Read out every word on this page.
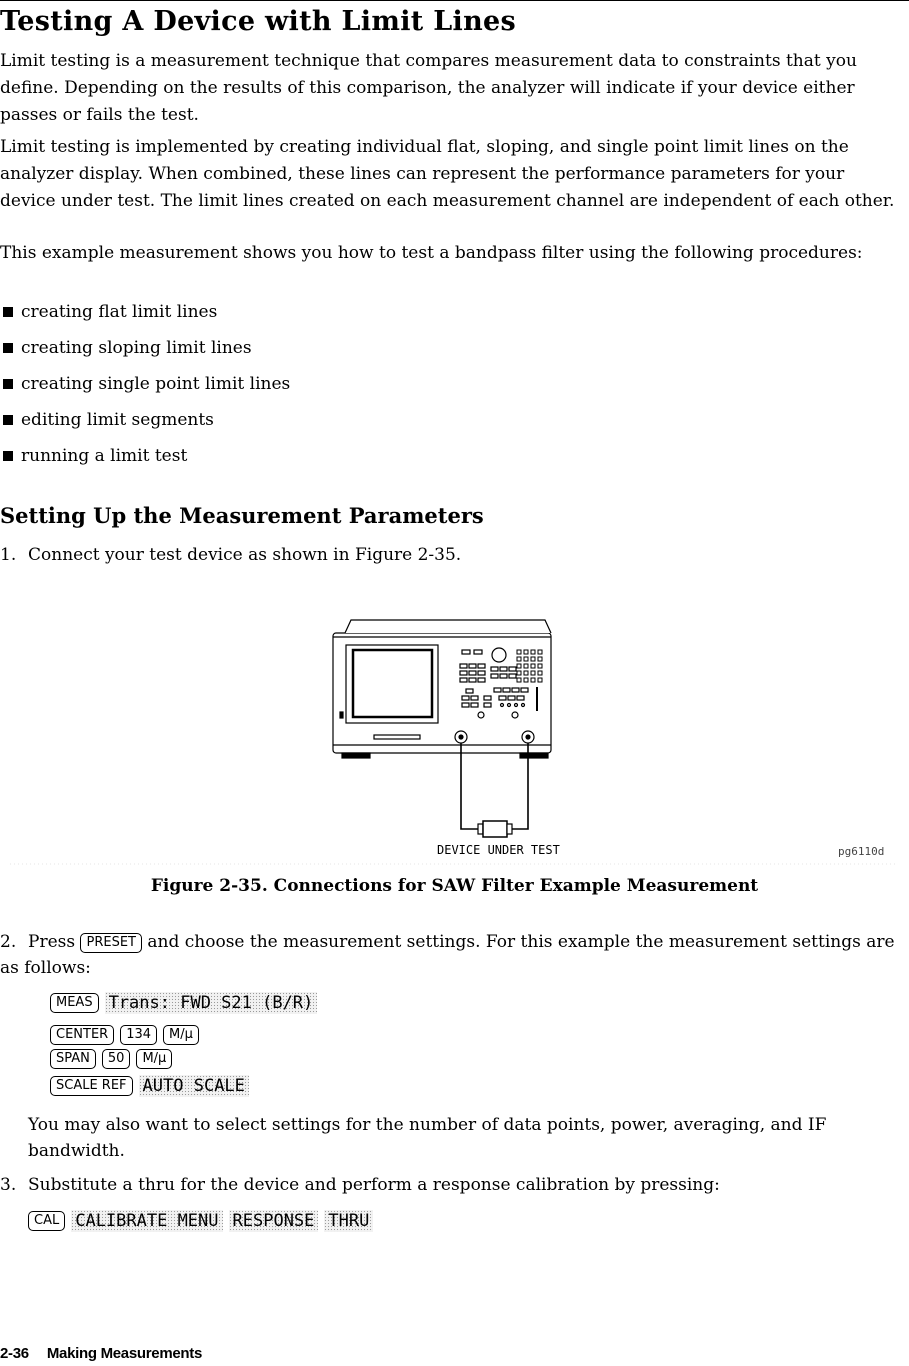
Testing A Device with Limit Lines

Limit testing is a measurement technique that compares measurement data to constraints that you define. Depending on the results of this comparison, the analyzer will indicate if your device either passes or fails the test.

Limit testing is implemented by creating individual flat, sloping, and single point limit lines on the analyzer display. When combined, these lines can represent the performance parameters for your device under test. The limit lines created on each measurement channel are independent of each other.

This example measurement shows you how to test a bandpass filter using the following procedures:

creating flat limit lines
creating sloping limit lines
creating single point limit lines
editing limit segments
running a limit test
Setting Up the Measurement Parameters
1. Connect your test device as shown in Figure 2-35.
DEVICE UNDER TEST	pg6110d
Figure 2-35. Connections for SAW Filter Example Measurement
2. Press PRESET and choose the measurement settings. For this example the measurement settings are as follows:
MEAS Trans: FWD S21 (B/R)
CENTER 134 M/μ
SPAN 50 M/μ
SCALE REF AUTO SCALE

You may also want to select settings for the number of data points, power, averaging, and IF bandwidth.

3. Substitute a thru for the device and perform a response calibration by pressing:
CAL CALIBRATE MENU RESPONSE THRU
2-36 Making Measurements
